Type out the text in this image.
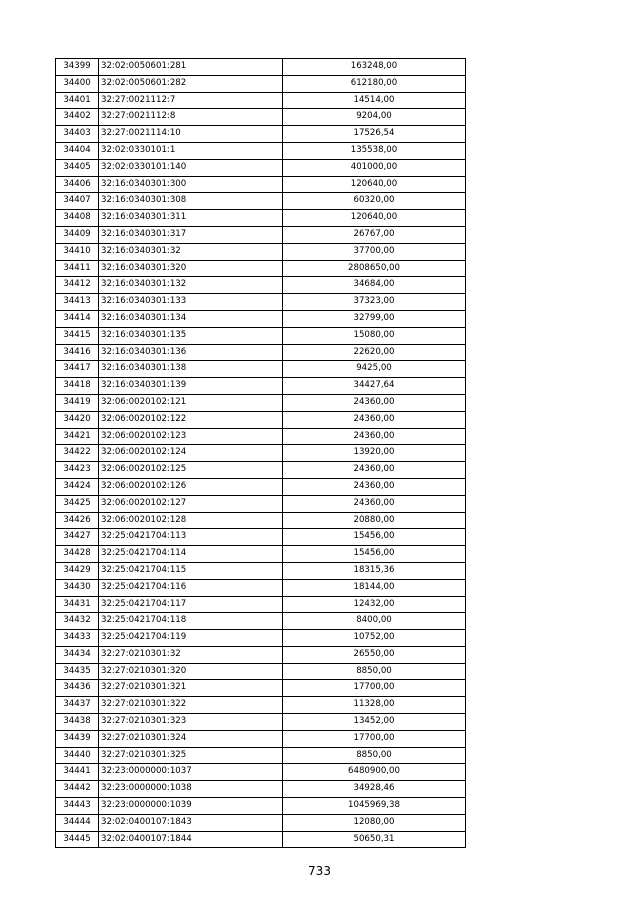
34399	32:02:0050601:281	163248,00
34400	32:02:0050601:282	612180,00
34401	32:27:0021112:7	14514,00
34402	32:27:0021112:8	9204,00
34403	32:27:0021114:10	17526,54
34404	32:02:0330101:1	135538,00
34405	32:02:0330101:140	401000,00
34406	32:16:0340301:300	120640,00
34407	32:16:0340301:308	60320,00
34408	32:16:0340301:311	120640,00
34409	32:16:0340301:317	26767,00
34410	32:16:0340301:32	37700,00
34411	32:16:0340301:320	2808650,00
34412	32:16:0340301:132	34684,00
34413	32:16:0340301:133	37323,00
34414	32:16:0340301:134	32799,00
34415	32:16:0340301:135	15080,00
34416	32:16:0340301:136	22620,00
34417	32:16:0340301:138	9425,00
34418	32:16:0340301:139	34427,64
34419	32:06:0020102:121	24360,00
34420	32:06:0020102:122	24360,00
34421	32:06:0020102:123	24360,00
34422	32:06:0020102:124	13920,00
34423	32:06:0020102:125	24360,00
34424	32:06:0020102:126	24360,00
34425	32:06:0020102:127	24360,00
34426	32:06:0020102:128	20880,00
34427	32:25:0421704:113	15456,00
34428	32:25:0421704:114	15456,00
34429	32:25:0421704:115	18315,36
34430	32:25:0421704:116	18144,00
34431	32:25:0421704:117	12432,00
34432	32:25:0421704:118	8400,00
34433	32:25:0421704:119	10752,00
34434	32:27:0210301:32	26550,00
34435	32:27:0210301:320	8850,00
34436	32:27:0210301:321	17700,00
34437	32:27:0210301:322	11328,00
34438	32:27:0210301:323	13452,00
34439	32:27:0210301:324	17700,00
34440	32:27:0210301:325	8850,00
34441	32:23:0000000:1037	6480900,00
34442	32:23:0000000:1038	34928,46
34443	32:23:0000000:1039	1045969,38
34444	32:02:0400107:1843	12080,00
34445	32:02:0400107:1844	50650,31
733
